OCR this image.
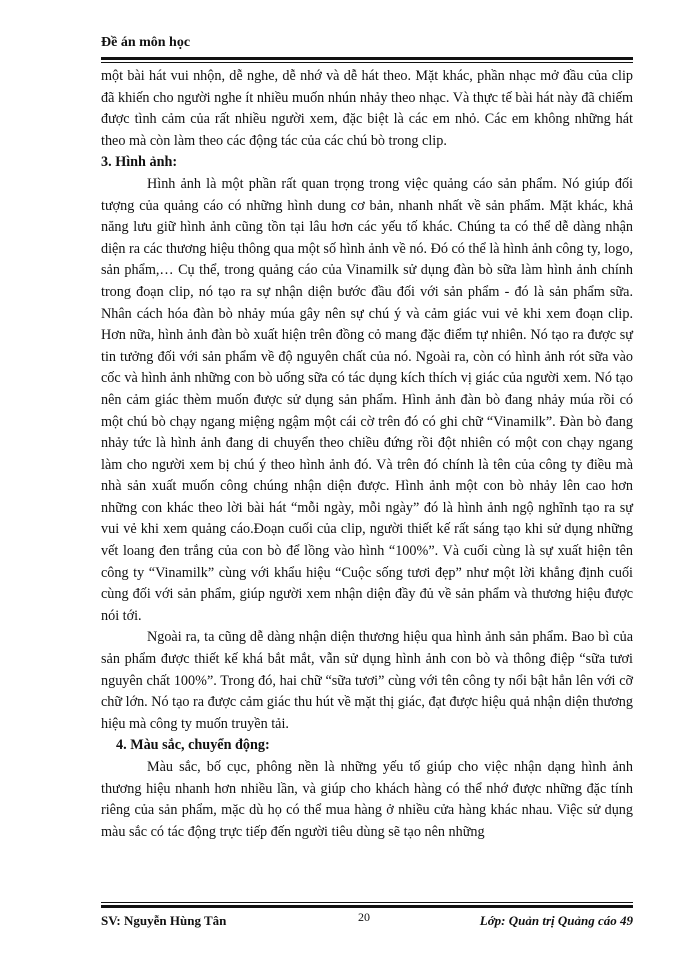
Đề án môn học

một bài hát vui nhộn, dễ nghe, dễ nhớ và dễ hát theo. Mặt khác, phần nhạc mở đầu của clip đã khiến cho người nghe ít nhiều muốn nhún nhảy theo nhạc. Và thực tế bài hát này đã chiếm được tình cảm của rất nhiều người xem, đặc biệt là các em nhỏ. Các em không những hát theo mà còn làm theo các động tác của các chú bò trong clip.

3. Hình ảnh:

Hình ảnh là một phần rất quan trọng trong việc quảng cáo sản phẩm. Nó giúp đối tượng của quảng cáo có những hình dung cơ bản, nhanh nhất về sản phẩm. Mặt khác, khả năng lưu giữ hình ảnh cũng tồn tại lâu hơn các yếu tố khác. Chúng ta có thể dễ dàng nhận diện ra các thương hiệu thông qua một số hình ảnh về nó. Đó có thể là hình ảnh công ty, logo, sản phẩm,… Cụ thể, trong quảng cáo của Vinamilk sử dụng đàn bò sữa làm hình ảnh chính trong đoạn clip, nó tạo ra sự nhận diện bước đầu đối với sản phẩm - đó là sản phẩm sữa. Nhân cách hóa đàn bò nhảy múa gây nên sự chú ý và cảm giác vui vẻ khi xem đoạn clip. Hơn nữa, hình ảnh đàn bò xuất hiện trên đồng cỏ mang đặc điểm tự nhiên. Nó tạo ra được sự tin tưởng đối với sản phẩm về độ nguyên chất của nó. Ngoài ra, còn có hình ảnh rót sữa vào cốc và hình ảnh những con bò uống sữa có tác dụng kích thích vị giác của người xem. Nó tạo nên cảm giác thèm muốn được sử dụng sản phẩm. Hình ảnh đàn bò đang nhảy múa rồi có một chú bò chạy ngang miệng ngậm một cái cờ trên đó có ghi chữ “Vinamilk”. Đàn bò đang nhảy tức là hình ảnh đang di chuyển theo chiều đứng rồi đột nhiên có một con chạy ngang làm cho người xem bị chú ý theo hình ảnh đó. Và trên đó chính là tên của công ty điều mà nhà sản xuất muốn công chúng nhận diện được. Hình ảnh một con bò nhảy lên cao hơn những con khác theo lời bài hát “mỗi ngày, mỗi ngày” đó là hình ảnh ngộ nghĩnh tạo ra sự vui vẻ khi xem quảng cáo.Đoạn cuối của clip, người thiết kế rất sáng tạo khi sử dụng những vết loang đen trắng của con bò để lồng vào hình “100%”. Và cuối cùng là sự xuất hiện tên công ty “Vinamilk” cùng với khẩu hiệu “Cuộc sống tươi đẹp” như một lời khẳng định cuối cùng đối với sản phẩm, giúp người xem nhận diện đầy đủ về sản phẩm và thương hiệu được nói tới.

Ngoài ra, ta cũng dễ dàng nhận diện thương hiệu qua hình ảnh sản phẩm. Bao bì của sản phẩm được thiết kế khá bắt mắt, vẫn sử dụng hình ảnh con bò và thông điệp “sữa tươi nguyên chất 100%”. Trong đó, hai chữ “sữa tươi” cùng với tên công ty nổi bật hẳn lên với cỡ chữ lớn. Nó tạo ra được cảm giác thu hút về mặt thị giác, đạt được hiệu quả nhận diện thương hiệu mà công ty muốn truyền tải.

4. Màu sắc, chuyển động:

Màu sắc, bố cục, phông nền là những yếu tố giúp cho việc nhận dạng hình ảnh thương hiệu nhanh hơn nhiều lần, và giúp cho khách hàng có thể nhớ được những đặc tính riêng của sản phẩm, mặc dù họ có thể mua hàng ở nhiều cửa hàng khác nhau. Việc sử dụng màu sắc có tác động trực tiếp đến người tiêu dùng sẽ tạo nên những

SV: Nguyễn Hùng Tân	20	Lớp: Quản trị Quảng cáo 49
